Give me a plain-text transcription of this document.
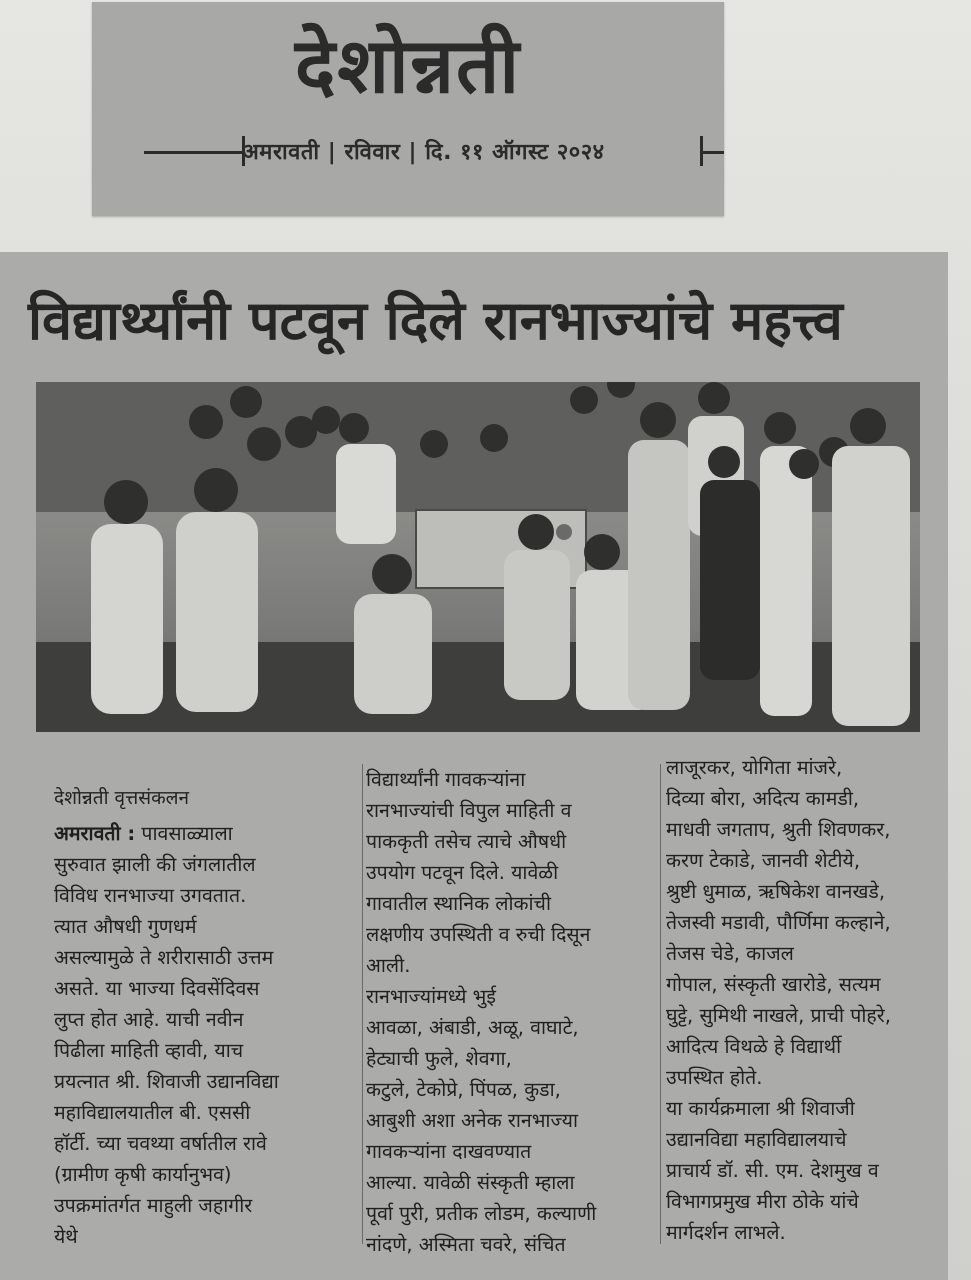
देशोन्नती
अमरावती | रविवार | दि. ११ ऑगस्ट २०२४
विद्यार्थ्यांनी पटवून दिले रानभाज्यांचे महत्त्व
देशोन्नती वृत्तसंकलन
अमरावती : पावसाळ्याला
सुरुवात झाली की जंगलातील
विविध रानभाज्या उगवतात.
त्यात औषधी गुणधर्म
असल्यामुळे ते शरीरासाठी उत्तम
असते. या भाज्या दिवसेंदिवस
लुप्त होत आहे. याची नवीन
पिढीला माहिती व्हावी, याच
प्रयत्नात श्री. शिवाजी उद्यानविद्या
महाविद्यालयातील बी. एससी
हॉर्टी. च्या चवथ्या वर्षातील रावे
(ग्रामीण कृषी कार्यानुभव)
उपक्रमांतर्गत माहुली जहागीर
येथे
विद्यार्थ्यांनी गावकऱ्यांना
रानभाज्यांची विपुल माहिती व
पाककृती तसेच त्याचे औषधी
उपयोग पटवून दिले. यावेळी
गावातील स्थानिक लोकांची
लक्षणीय उपस्थिती व रुची दिसून
आली.
रानभाज्यांमध्ये भुई
आवळा, अंबाडी, अळू, वाघाटे,
हेट्याची फुले, शेवगा,
कटुले, टेकोप्रे, पिंपळ, कुडा,
आबुशी अशा अनेक रानभाज्या
गावकऱ्यांना दाखवण्यात
आल्या. यावेळी संस्कृती म्हाला
पूर्वा पुरी, प्रतीक लोडम, कल्याणी
नांदणे, अस्मिता चवरे, संचित
लाजूरकर, योगिता मांजरे,
दिव्या बोरा, अदित्य कामडी,
माधवी जगताप, श्रुती शिवणकर,
करण टेकाडे, जानवी शेटीये,
श्रुष्टी धुमाळ, ऋषिकेश वानखडे,
तेजस्वी मडावी, पौर्णिमा कल्हाने,
तेजस चेडे, काजल
गोपाल, संस्कृती खारोडे, सत्यम
घुट्टे, सुमिथी नाखले, प्राची पोहरे,
आदित्य विथळे हे विद्यार्थी
उपस्थित होते.
या कार्यक्रमाला श्री शिवाजी
उद्यानविद्या महाविद्यालयाचे
प्राचार्य डॉ. सी. एम. देशमुख व
विभागप्रमुख मीरा ठोके यांचे
मार्गदर्शन लाभले.
